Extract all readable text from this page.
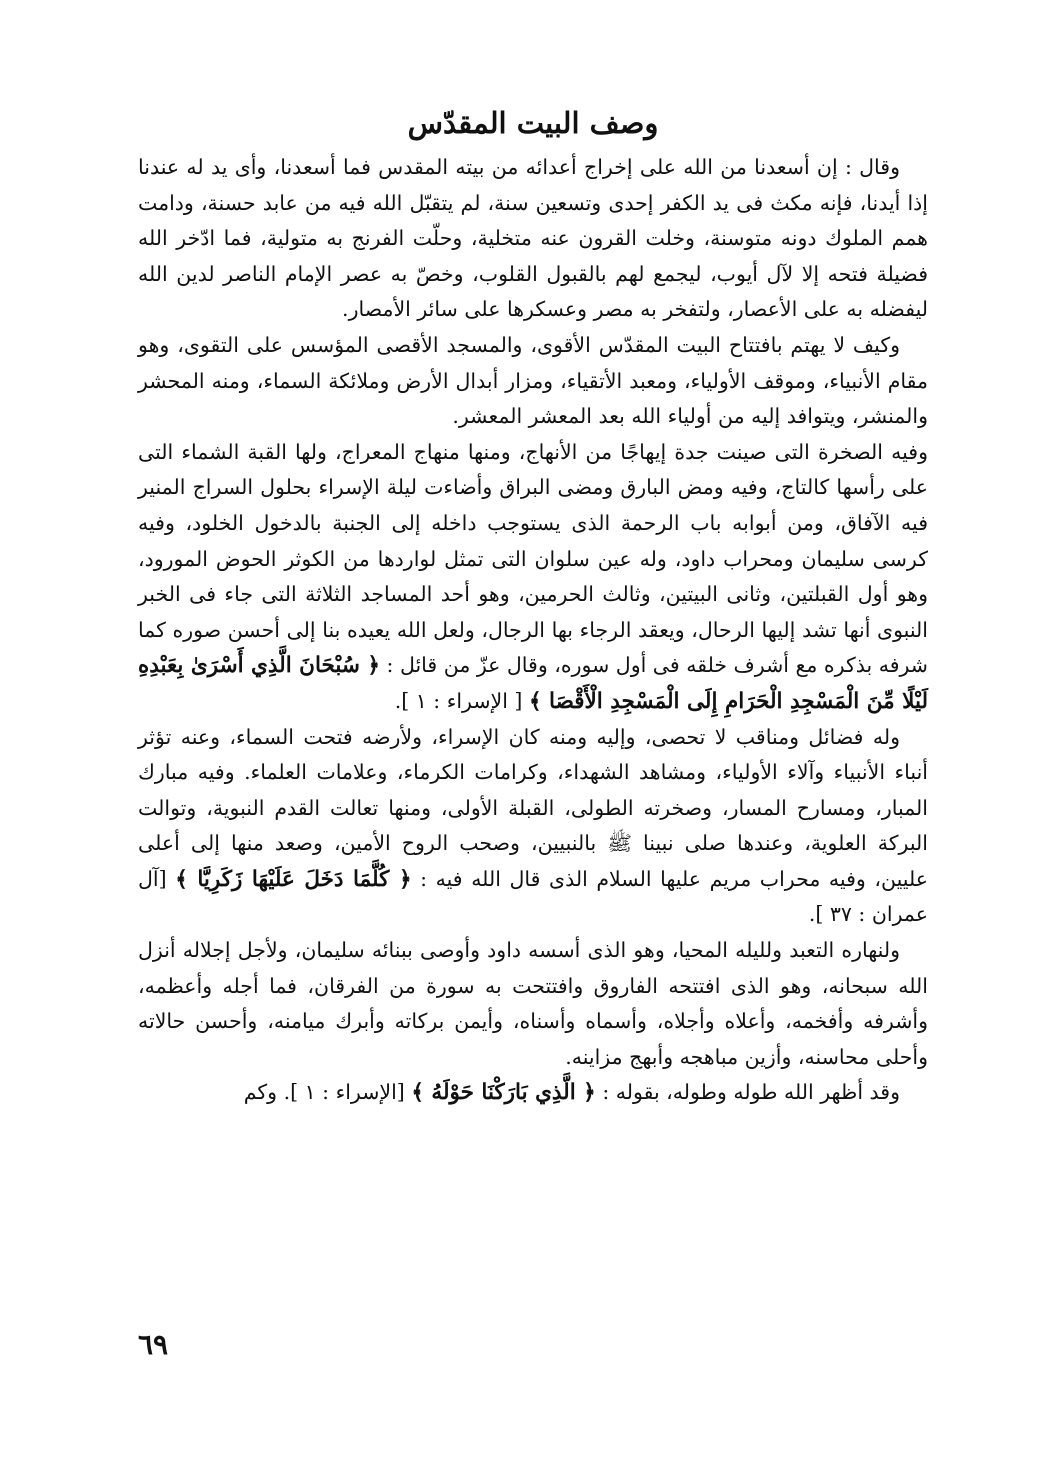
وصف البيت المقدّس

وقال : إن أسعدنا من الله على إخراج أعدائه من بيته المقدس فما أسعدنا، وأى يد له عندنا إذا أيدنا، فإنه مكث فى يد الكفر إحدى وتسعين سنة، لم يتقبّل الله فيه من عابد حسنة، ودامت همم الملوك دونه متوسنة، وخلت القرون عنه متخلية، وحلّت الفرنج به متولية، فما ادّخر الله فضيلة فتحه إلا لآل أيوب، ليجمع لهم بالقبول القلوب، وخصّ به عصر الإمام الناصر لدين الله ليفضله به على الأعصار، ولتفخر به مصر وعسكرها على سائر الأمصار.

وكيف لا يهتم بافتتاح البيت المقدّس الأقوى، والمسجد الأقصى المؤسس على التقوى، وهو مقام الأنبياء، وموقف الأولياء، ومعبد الأتقياء، ومزار أبدال الأرض وملائكة السماء، ومنه المحشر والمنشر، ويتوافد إليه من أولياء الله بعد المعشر المعشر.

وفيه الصخرة التى صينت جدة إيهاجًا من الأنهاج، ومنها منهاج المعراج، ولها القبة الشماء التى على رأسها كالتاج، وفيه ومض البارق ومضى البراق وأضاءت ليلة الإسراء بحلول السراج المنير فيه الآفاق، ومن أبوابه باب الرحمة الذى يستوجب داخله إلى الجنبة بالدخول الخلود، وفيه كرسى سليمان ومحراب داود، وله عين سلوان التى تمثل لواردها من الكوثر الحوض المورود، وهو أول القبلتين، وثانى البيتين، وثالث الحرمين، وهو أحد المساجد الثلاثة التى جاء فى الخبر النبوى أنها تشد إليها الرحال، ويعقد الرجاء بها الرجال، ولعل الله يعيده بنا إلى أحسن صوره كما شرفه بذكره مع أشرف خلقه فى أول سوره، وقال عزّ من قائل : ﴿ سُبْحَانَ الَّذِي أَسْرَىٰ بِعَبْدِهِ لَيْلًا مِّنَ الْمَسْجِدِ الْحَرَامِ إِلَى الْمَسْجِدِ الْأَقْصَا ﴾ [ الإسراء : ١ ].

وله فضائل ومناقب لا تحصى، وإليه ومنه كان الإسراء، ولأرضه فتحت السماء، وعنه تؤثر أنباء الأنبياء وآلاء الأولياء، ومشاهد الشهداء، وكرامات الكرماء، وعلامات العلماء. وفيه مبارك المبار، ومسارح المسار، وصخرته الطولى، القبلة الأولى، ومنها تعالت القدم النبوية، وتوالت البركة العلوية، وعندها صلى نبينا ﷺ بالنبيين، وصحب الروح الأمين، وصعد منها إلى أعلى عليين، وفيه محراب مريم عليها السلام الذى قال الله فيه : ﴿ كُلَّمَا دَخَلَ عَلَيْهَا زَكَرِيَّا ﴾ [آل عمران : ٣٧ ].

ولنهاره التعبد ولليله المحيا، وهو الذى أسسه داود وأوصى ببنائه سليمان، ولأجل إجلاله أنزل الله سبحانه، وهو الذى افتتحه الفاروق وافتتحت به سورة من الفرقان، فما أجله وأعظمه، وأشرفه وأفخمه، وأعلاه وأجلاه، وأسماه وأسناه، وأيمن بركاته وأبرك ميامنه، وأحسن حالاته وأحلى محاسنه، وأزين مباهجه وأبهج مزاينه.

وقد أظهر الله طوله وطوله، بقوله : ﴿ الَّذِي بَارَكْنَا حَوْلَهُ ﴾ [الإسراء : ١ ]. وكم

٦٩
